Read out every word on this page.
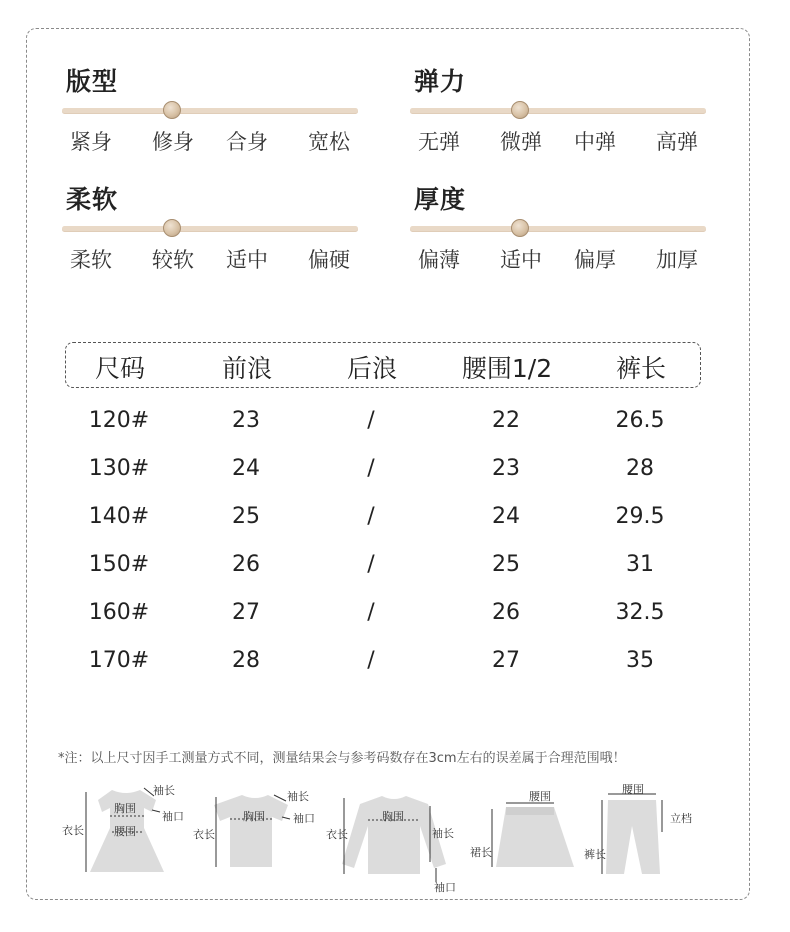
版型
紧身 修身 合身 宽松
弹力
无弹 微弹 中弹 高弹
柔软
柔软 较软 适中 偏硬
厚度
偏薄 适中 偏厚 加厚
尺码	前浪	后浪	腰围1/2	裤长
120#	23	/	22	26.5
130#	24	/	23	28
140#	25	/	24	29.5
150#	26	/	25	31
160#	27	/	26	32.5
170#	28	/	27	35
*注：以上尺寸因手工测量方式不同，测量结果会与参考码数存在3cm左右的误差属于合理范围哦！
袖长
胸围
袖口
衣长	腰围
袖长
胸围	袖口
衣长
胸围
衣长	袖长
袖口
腰围
裙长
腰围
立档
裤长
